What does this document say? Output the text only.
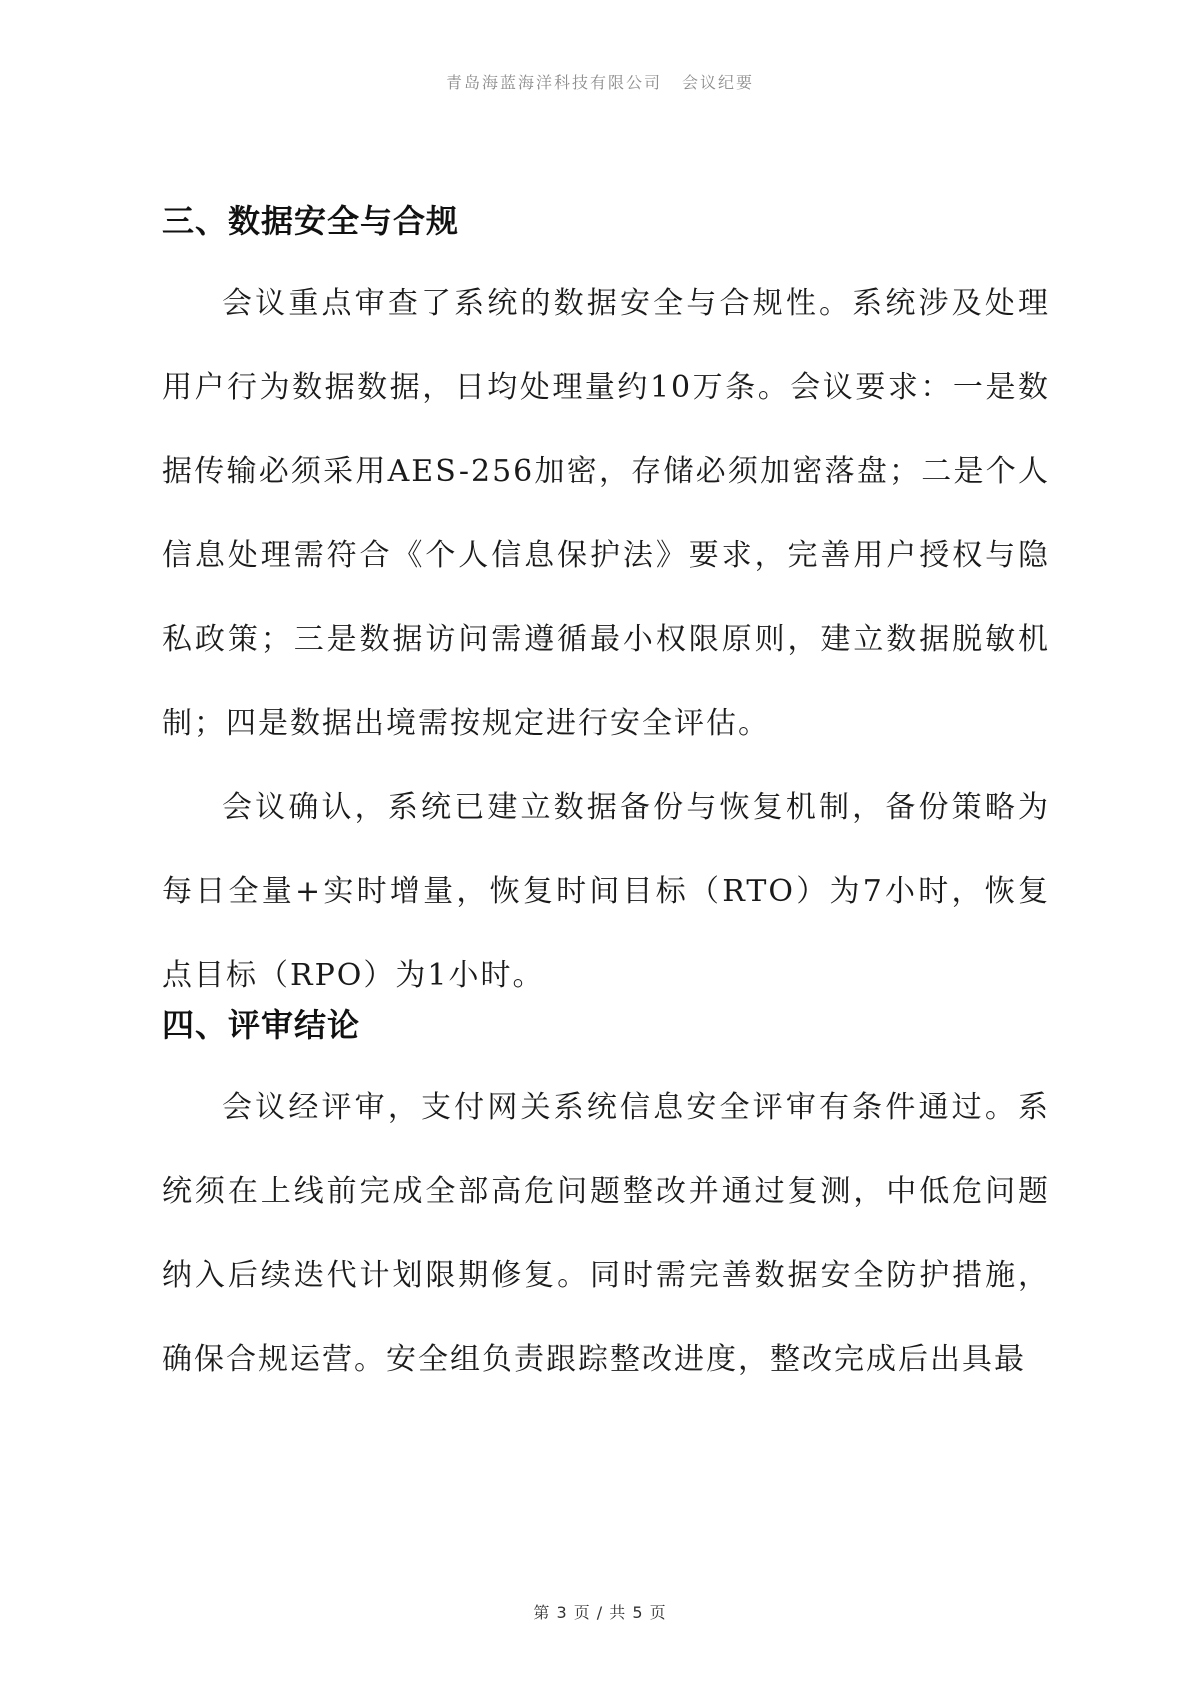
青岛海蓝海洋科技有限公司 会议纪要
三、数据安全与合规

会议重点审查了系统的数据安全与合规性。系统涉及处理用户行为数据数据，日均处理量约10万条。会议要求：一是数据传输必须采用AES-256加密，存储必须加密落盘；二是个人信息处理需符合《个人信息保护法》要求，完善用户授权与隐私政策；三是数据访问需遵循最小权限原则，建立数据脱敏机制；四是数据出境需按规定进行安全评估。

会议确认，系统已建立数据备份与恢复机制，备份策略为每日全量+实时增量，恢复时间目标（RTO）为7小时，恢复点目标（RPO）为1小时。

四、评审结论

会议经评审，支付网关系统信息安全评审有条件通过。系统须在上线前完成全部高危问题整改并通过复测，中低危问题纳入后续迭代计划限期修复。同时需完善数据安全防护措施，确保合规运营。安全组负责跟踪整改进度，整改完成后出具最

第 3 页 / 共 5 页
